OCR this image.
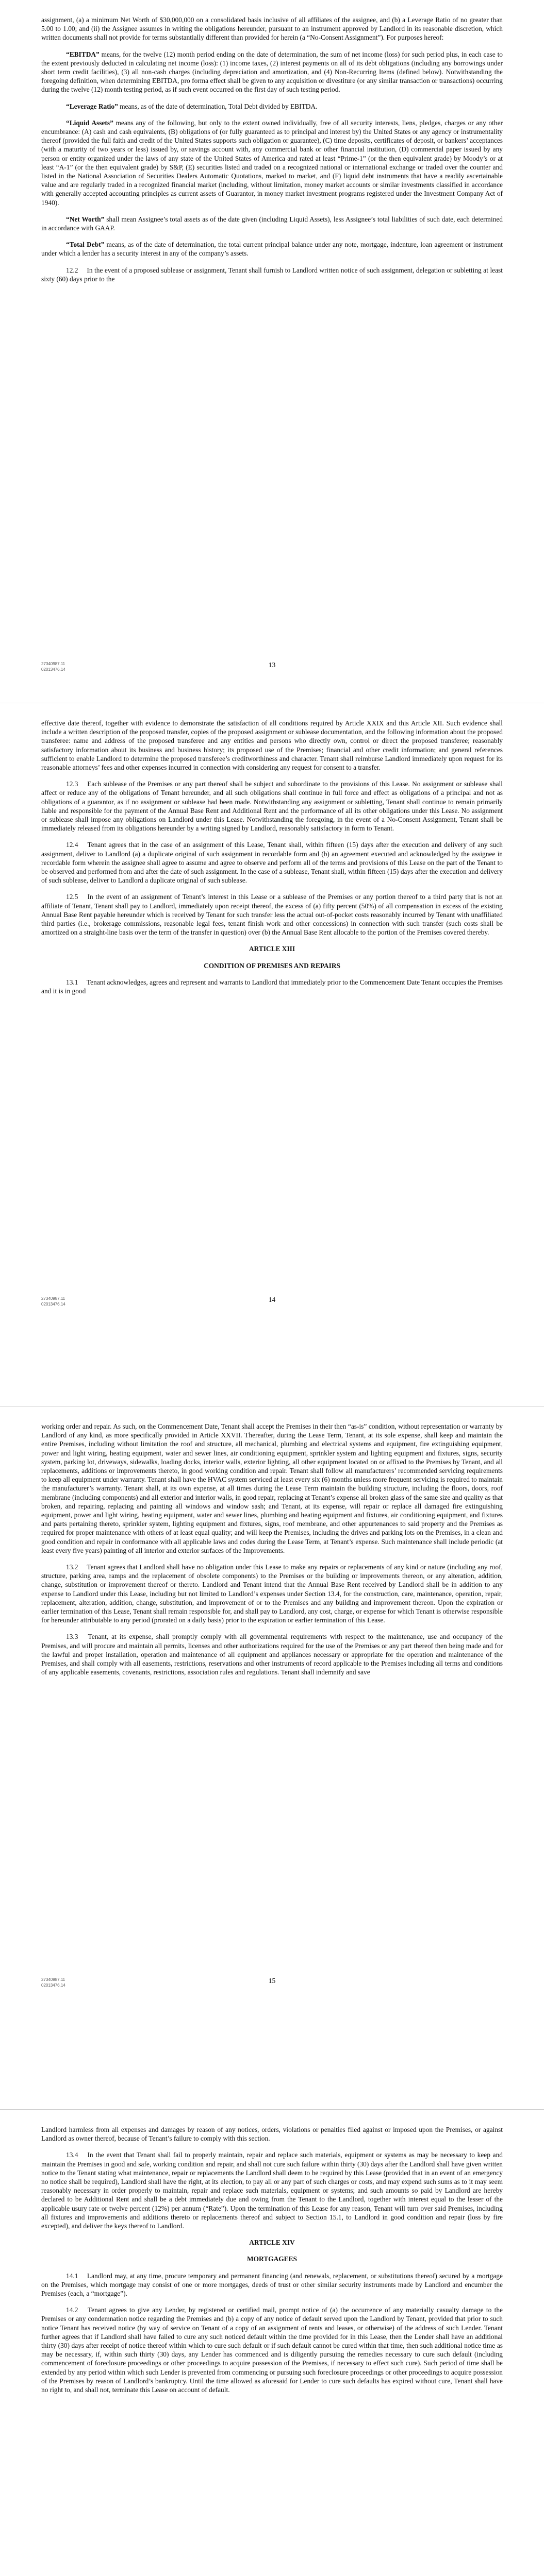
assignment, (a) a minimum Net Worth of $30,000,000 on a consolidated basis inclusive of all affiliates of the assignee, and (b) a Leverage Ratio of no greater than 5.00 to 1.00; and (ii) the Assignee assumes in writing the obligations hereunder, pursuant to an instrument approved by Landlord in its reasonable discretion, which written documents shall not provide for terms substantially different than provided for herein (a “No-Consent Assignment”). For purposes hereof:

“EBITDA” means, for the twelve (12) month period ending on the date of determination, the sum of net income (loss) for such period plus, in each case to the extent previously deducted in calculating net income (loss): (1) income taxes, (2) interest payments on all of its debt obligations (including any borrowings under short term credit facilities), (3) all non-cash charges (including depreciation and amortization, and (4) Non-Recurring Items (defined below). Notwithstanding the foregoing definition, when determining EBITDA, pro forma effect shall be given to any acquisition or divestiture (or any similar transaction or transactions) occurring during the twelve (12) month testing period, as if such event occurred on the first day of such testing period.

“Leverage Ratio” means, as of the date of determination, Total Debt divided by EBITDA.

“Liquid Assets” means any of the following, but only to the extent owned individually, free of all security interests, liens, pledges, charges or any other encumbrance: (A) cash and cash equivalents, (B) obligations of (or fully guaranteed as to principal and interest by) the United States or any agency or instrumentality thereof (provided the full faith and credit of the United States supports such obligation or guarantee), (C) time deposits, certificates of deposit, or bankers’ acceptances (with a maturity of two years or less) issued by, or savings account with, any commercial bank or other financial institution, (D) commercial paper issued by any person or entity organized under the laws of any state of the United States of America and rated at least “Prime-1” (or the then equivalent grade) by Moody’s or at least “A-1” (or the then equivalent grade) by S&P, (E) securities listed and traded on a recognized national or international exchange or traded over the counter and listed in the National Association of Securities Dealers Automatic Quotations, marked to market, and (F) liquid debt instruments that have a readily ascertainable value and are regularly traded in a recognized financial market (including, without limitation, money market accounts or similar investments classified in accordance with generally accepted accounting principles as current assets of Guarantor, in money market investment programs registered under the Investment Company Act of 1940).

“Net Worth” shall mean Assignee’s total assets as of the date given (including Liquid Assets), less Assignee’s total liabilities of such date, each determined in accordance with GAAP.

“Total Debt” means, as of the date of determination, the total current principal balance under any note, mortgage, indenture, loan agreement or instrument under which a lender has a security interest in any of the company’s assets.

12.2  In the event of a proposed sublease or assignment, Tenant shall furnish to Landlord written notice of such assignment, delegation or subletting at least sixty (60) days prior to the

13
27340987.11
02013476.14

effective date thereof, together with evidence to demonstrate the satisfaction of all conditions required by Article XXIX and this Article XII. Such evidence shall include a written description of the proposed transfer, copies of the proposed assignment or sublease documentation, and the following information about the proposed transferee: name and address of the proposed transferee and any entities and persons who directly own, control or direct the proposed transferee; reasonably satisfactory information about its business and business history; its proposed use of the Premises; financial and other credit information; and general references sufficient to enable Landlord to determine the proposed transferee’s creditworthiness and character. Tenant shall reimburse Landlord immediately upon request for its reasonable attorneys’ fees and other expenses incurred in connection with considering any request for consent to a transfer.

12.3  Each sublease of the Premises or any part thereof shall be subject and subordinate to the provisions of this Lease. No assignment or sublease shall affect or reduce any of the obligations of Tenant hereunder, and all such obligations shall continue in full force and effect as obligations of a principal and not as obligations of a guarantor, as if no assignment or sublease had been made. Notwithstanding any assignment or subletting, Tenant shall continue to remain primarily liable and responsible for the payment of the Annual Base Rent and Additional Rent and the performance of all its other obligations under this Lease. No assignment or sublease shall impose any obligations on Landlord under this Lease. Notwithstanding the foregoing, in the event of a No-Consent Assignment, Tenant shall be immediately released from its obligations hereunder by a writing signed by Landlord, reasonably satisfactory in form to Tenant.

12.4  Tenant agrees that in the case of an assignment of this Lease, Tenant shall, within fifteen (15) days after the execution and delivery of any such assignment, deliver to Landlord (a) a duplicate original of such assignment in recordable form and (b) an agreement executed and acknowledged by the assignee in recordable form wherein the assignee shall agree to assume and agree to observe and perform all of the terms and provisions of this Lease on the part of the Tenant to be observed and performed from and after the date of such assignment. In the case of a sublease, Tenant shall, within fifteen (15) days after the execution and delivery of such sublease, deliver to Landlord a duplicate original of such sublease.

12.5  In the event of an assignment of Tenant’s interest in this Lease or a sublease of the Premises or any portion thereof to a third party that is not an affiliate of Tenant, Tenant shall pay to Landlord, immediately upon receipt thereof, the excess of (a) fifty percent (50%) of all compensation in excess of the existing Annual Base Rent payable hereunder which is received by Tenant for such transfer less the actual out-of-pocket costs reasonably incurred by Tenant with unaffiliated third parties (i.e., brokerage commissions, reasonable legal fees, tenant finish work and other concessions) in connection with such transfer (such costs shall be amortized on a straight-line basis over the term of the transfer in question) over (b) the Annual Base Rent allocable to the portion of the Premises covered thereby.

ARTICLE XIII

CONDITION OF PREMISES AND REPAIRS

13.1  Tenant acknowledges, agrees and represent and warrants to Landlord that immediately prior to the Commencement Date Tenant occupies the Premises and it is in good

14
27340987.11
02013476.14

working order and repair. As such, on the Commencement Date, Tenant shall accept the Premises in their then “as-is” condition, without representation or warranty by Landlord of any kind, as more specifically provided in Article XXVII. Thereafter, during the Lease Term, Tenant, at its sole expense, shall keep and maintain the entire Premises, including without limitation the roof and structure, all mechanical, plumbing and electrical systems and equipment, fire extinguishing equipment, power and light wiring, heating equipment, water and sewer lines, air conditioning equipment, sprinkler system and lighting equipment and fixtures, signs, security system, parking lot, driveways, sidewalks, loading docks, interior walls, exterior lighting, all other equipment located on or affixed to the Premises by Tenant, and all replacements, additions or improvements thereto, in good working condition and repair. Tenant shall follow all manufacturers’ recommended servicing requirements to keep all equipment under warranty. Tenant shall have the HVAC system serviced at least every six (6) months unless more frequent servicing is required to maintain the manufacturer’s warranty. Tenant shall, at its own expense, at all times during the Lease Term maintain the building structure, including the floors, doors, roof membrane (including components) and all exterior and interior walls, in good repair, replacing at Tenant’s expense all broken glass of the same size and quality as that broken, and repairing, replacing and painting all windows and window sash; and Tenant, at its expense, will repair or replace all damaged fire extinguishing equipment, power and light wiring, heating equipment, water and sewer lines, plumbing and heating equipment and fixtures, air conditioning equipment, and fixtures and parts pertaining thereto, sprinkler system, lighting equipment and fixtures, signs, roof membrane, and other appurtenances to said property and the Premises as required for proper maintenance with others of at least equal quality; and will keep the Premises, including the drives and parking lots on the Premises, in a clean and good condition and repair in conformance with all applicable laws and codes during the Lease Term, at Tenant’s expense. Such maintenance shall include periodic (at least every five years) painting of all interior and exterior surfaces of the Improvements.

13.2  Tenant agrees that Landlord shall have no obligation under this Lease to make any repairs or replacements of any kind or nature (including any roof, structure, parking area, ramps and the replacement of obsolete components) to the Premises or the building or improvements thereon, or any alteration, addition, change, substitution or improvement thereof or thereto. Landlord and Tenant intend that the Annual Base Rent received by Landlord shall be in addition to any expense to Landlord under this Lease, including but not limited to Landlord’s expenses under Section 13.4, for the construction, care, maintenance, operation, repair, replacement, alteration, addition, change, substitution, and improvement of or to the Premises and any building and improvement thereon. Upon the expiration or earlier termination of this Lease, Tenant shall remain responsible for, and shall pay to Landlord, any cost, charge, or expense for which Tenant is otherwise responsible for hereunder attributable to any period (prorated on a daily basis) prior to the expiration or earlier termination of this Lease.

13.3  Tenant, at its expense, shall promptly comply with all governmental requirements with respect to the maintenance, use and occupancy of the Premises, and will procure and maintain all permits, licenses and other authorizations required for the use of the Premises or any part thereof then being made and for the lawful and proper installation, operation and maintenance of all equipment and appliances necessary or appropriate for the operation and maintenance of the Premises, and shall comply with all easements, restrictions, reservations and other instruments of record applicable to the Premises including all terms and conditions of any applicable easements, covenants, restrictions, association rules and regulations. Tenant shall indemnify and save

15
27340987.11
02013476.14

Landlord harmless from all expenses and damages by reason of any notices, orders, violations or penalties filed against or imposed upon the Premises, or against Landlord as owner thereof, because of Tenant’s failure to comply with this section.

13.4  In the event that Tenant shall fail to properly maintain, repair and replace such materials, equipment or systems as may be necessary to keep and maintain the Premises in good and safe, working condition and repair, and shall not cure such failure within thirty (30) days after the Landlord shall have given written notice to the Tenant stating what maintenance, repair or replacements the Landlord shall deem to be required by this Lease (provided that in an event of an emergency no notice shall be required), Landlord shall have the right, at its election, to pay all or any part of such charges or costs, and may expend such sums as to it may seem reasonably necessary in order properly to maintain, repair and replace such materials, equipment or systems; and such amounts so paid by Landlord are hereby declared to be Additional Rent and shall be a debt immediately due and owing from the Tenant to the Landlord, together with interest equal to the lesser of the applicable usury rate or twelve percent (12%) per annum (“Rate”). Upon the termination of this Lease for any reason, Tenant will turn over said Premises, including all fixtures and improvements and additions thereto or replacements thereof and subject to Section 15.1, to Landlord in good condition and repair (loss by fire excepted), and deliver the keys thereof to Landlord.

ARTICLE XIV

MORTGAGEES

14.1  Landlord may, at any time, procure temporary and permanent financing (and renewals, replacement, or substitutions thereof) secured by a mortgage on the Premises, which mortgage may consist of one or more mortgages, deeds of trust or other similar security instruments made by Landlord and encumber the Premises (each, a “mortgage”).

14.2  Tenant agrees to give any Lender, by registered or certified mail, prompt notice of (a) the occurrence of any materially casualty damage to the Premises or any condemnation notice regarding the Premises and (b) a copy of any notice of default served upon the Landlord by Tenant, provided that prior to such notice Tenant has received notice (by way of service on Tenant of a copy of an assignment of rents and leases, or otherwise) of the address of such Lender. Tenant further agrees that if Landlord shall have failed to cure any such noticed default within the time provided for in this Lease, then the Lender shall have an additional thirty (30) days after receipt of notice thereof within which to cure such default or if such default cannot be cured within that time, then such additional notice time as may be necessary, if, within such thirty (30) days, any Lender has commenced and is diligently pursuing the remedies necessary to cure such default (including commencement of foreclosure proceedings or other proceedings to acquire possession of the Premises, if necessary to effect such cure). Such period of time shall be extended by any period within which such Lender is prevented from commencing or pursuing such foreclosure proceedings or other proceedings to acquire possession of the Premises by reason of Landlord’s bankruptcy. Until the time allowed as aforesaid for Lender to cure such defaults has expired without cure, Tenant shall have no right to, and shall not, terminate this Lease on account of default.
